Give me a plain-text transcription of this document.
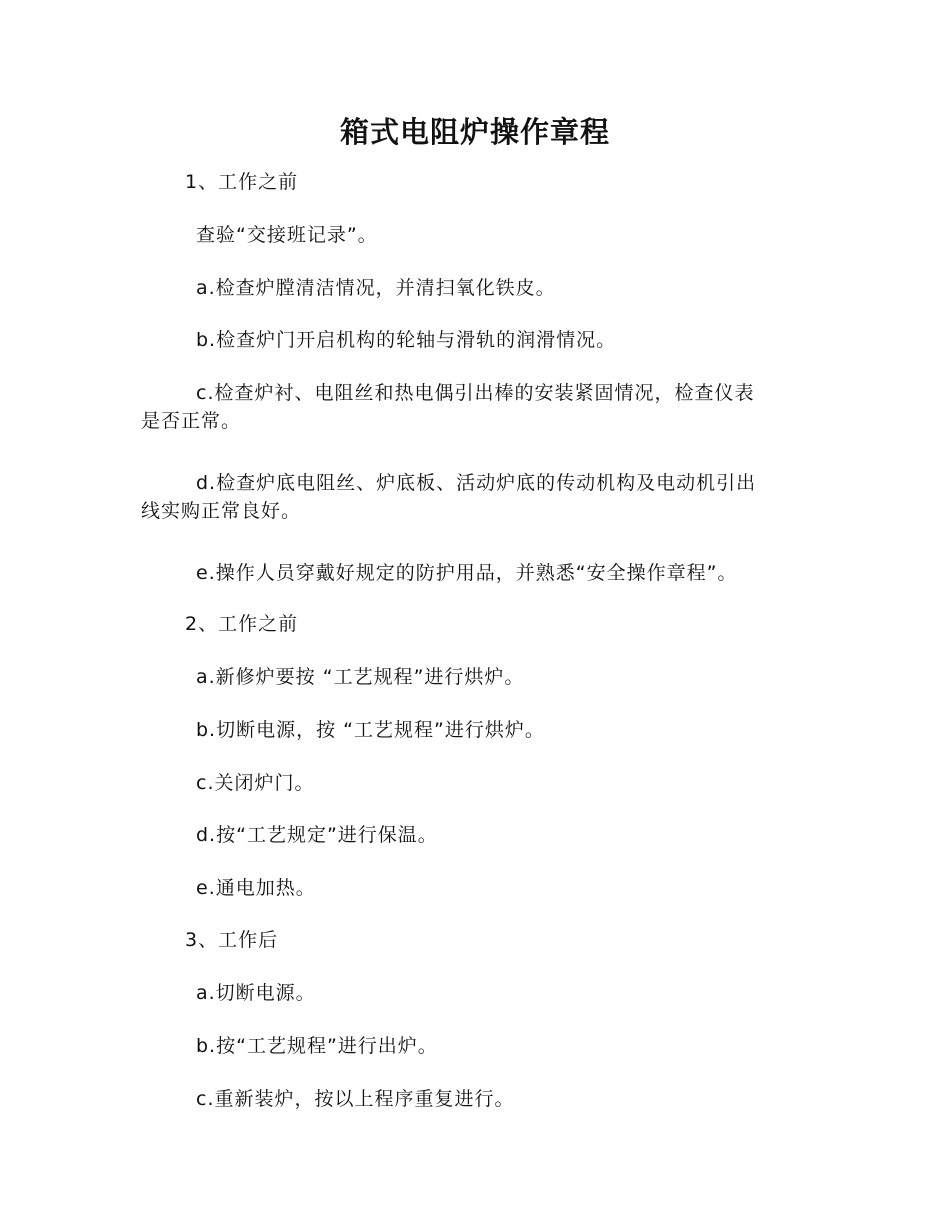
箱式电阻炉操作章程

1、工作之前

查验“交接班记录”。

a.检查炉膛清洁情况，并清扫氧化铁皮。

b.检查炉门开启机构的轮轴与滑轨的润滑情况。

c.检查炉衬、电阻丝和热电偶引出棒的安装紧固情况，检查仪表
是否正常。
d.检查炉底电阻丝、炉底板、活动炉底的传动机构及电动机引出
线实购正常良好。

e.操作人员穿戴好规定的防护用品，并熟悉“安全操作章程”。

2、工作之前

a.新修炉要按 “工艺规程”进行烘炉。

b.切断电源，按 “工艺规程”进行烘炉。

c.关闭炉门。

d.按“工艺规定”进行保温。

e.通电加热。

3、工作后

a.切断电源。

b.按“工艺规程”进行出炉。

c.重新装炉，按以上程序重复进行。
